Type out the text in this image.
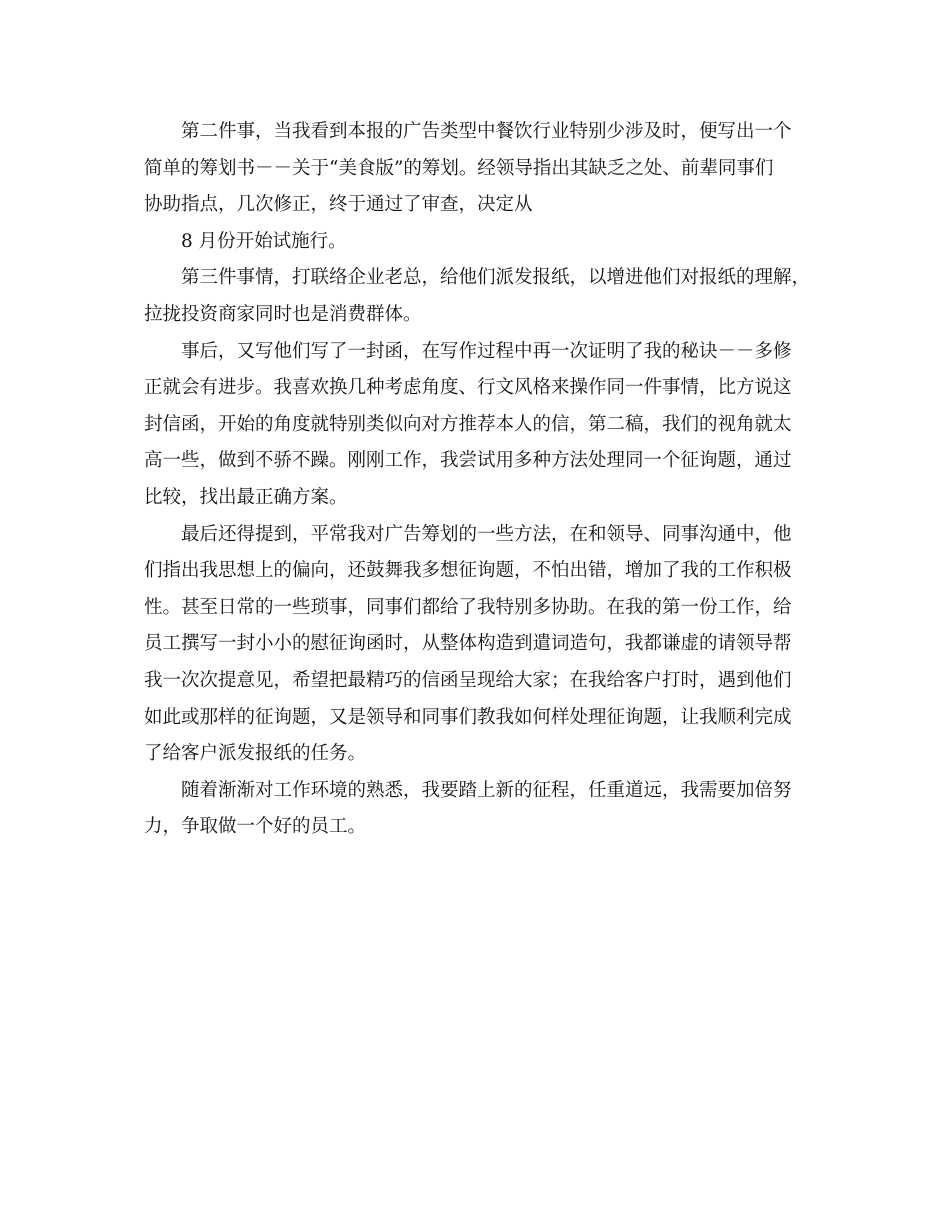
第二件事，当我看到本报的广告类型中餐饮行业特别少涉及时，便写出一个
简单的筹划书－－关于“美食版”的筹划。经领导指出其缺乏之处、前辈同事们
协助指点，几次修正，终于通过了审查，决定从

8 月份开始试施行。

第三件事情，打联络企业老总，给他们派发报纸，以增进他们对报纸的理解，
拉拢投资商家同时也是消费群体。

事后，又写他们写了一封函，在写作过程中再一次证明了我的秘诀－－多修
正就会有进步。我喜欢换几种考虑角度、行文风格来操作同一件事情，比方说这
封信函，开始的角度就特别类似向对方推荐本人的信，第二稿，我们的视角就太
高一些，做到不骄不躁。刚刚工作，我尝试用多种方法处理同一个征询题，通过
比较，找出最正确方案。

最后还得提到，平常我对广告筹划的一些方法，在和领导、同事沟通中，他
们指出我思想上的偏向，还鼓舞我多想征询题，不怕出错，增加了我的工作积极
性。甚至日常的一些琐事，同事们都给了我特别多协助。在我的第一份工作，给
员工撰写一封小小的慰征询函时，从整体构造到遣词造句，我都谦虚的请领导帮
我一次次提意见，希望把最精巧的信函呈现给大家；在我给客户打时，遇到他们
如此或那样的征询题，又是领导和同事们教我如何样处理征询题，让我顺利完成
了给客户派发报纸的任务。

随着渐渐对工作环境的熟悉，我要踏上新的征程，任重道远，我需要加倍努
力，争取做一个好的员工。
